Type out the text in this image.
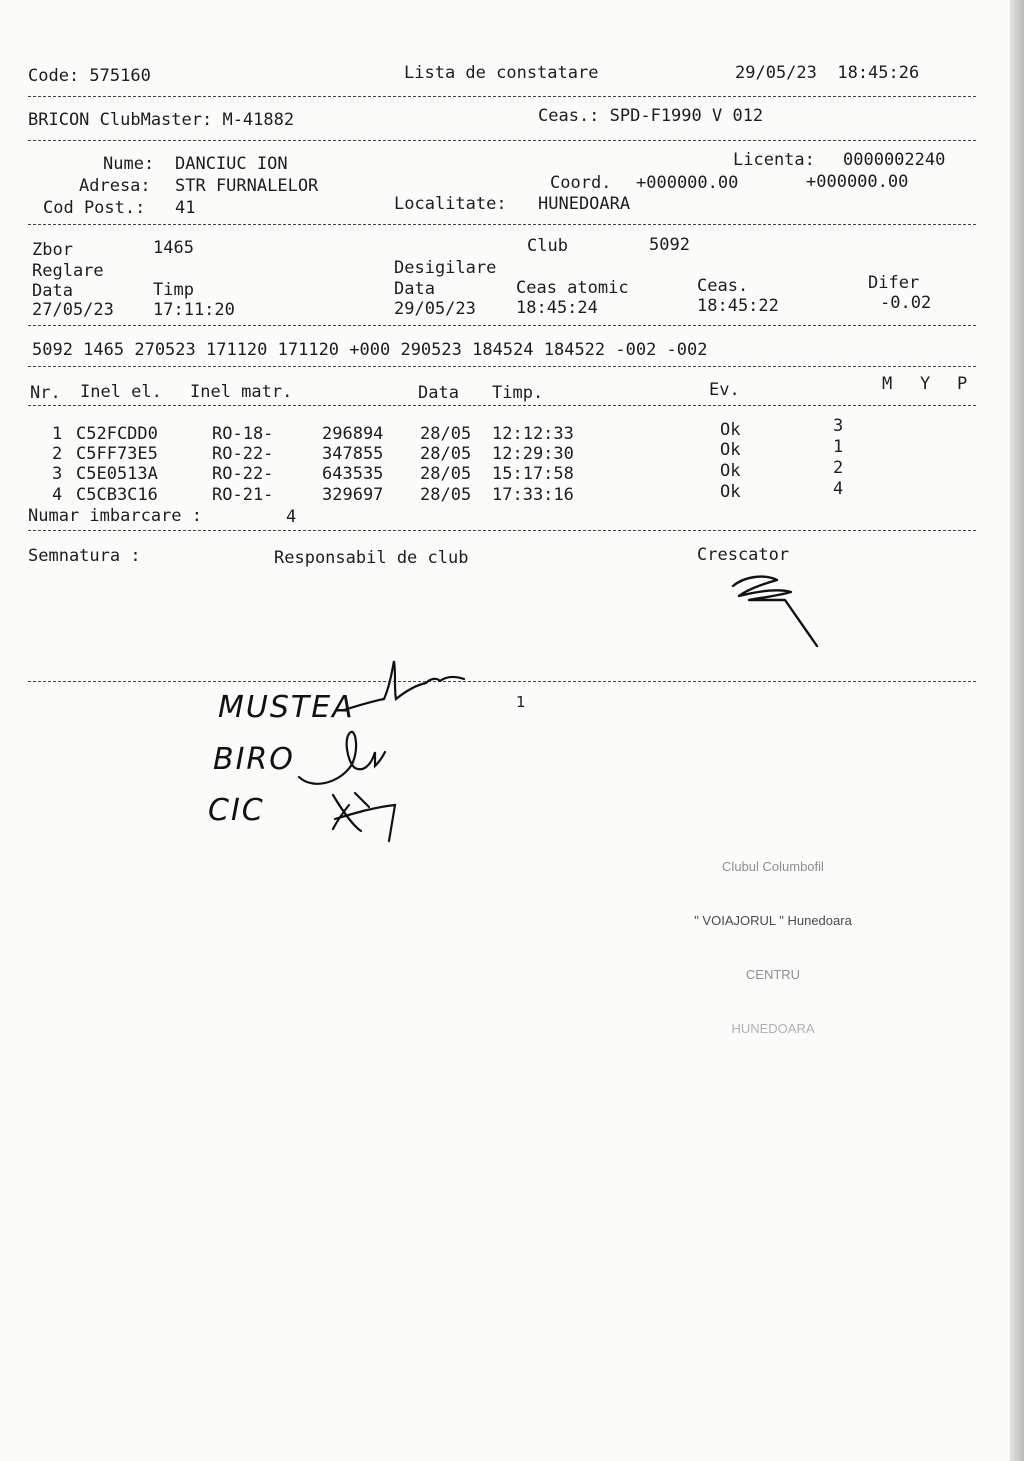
Code: 575160	Lista de constatare	29/05/23  18:45:26
BRICON ClubMaster: M-41882	Ceas.: SPD-F1990 V 012
Nume: DANCIUC ION
Adresa: STR FURNALELOR
Cod Post.: 41
Licenta: 0000002240
Coord. +000000.00	+000000.00
Localitate: HUNEDOARA
Zbor	1465	Club	5092
Reglare	Desigilare
Data	Timp	Data	Ceas atomic	Ceas.	Difer
27/05/23 17:11:20	29/05/23 18:45:24	18:45:22	-0.02
5092 1465 270523 171120 171120 +000 290523 184524 184522 -002 -002
Nr. Inel el. Inel matr.	Data Timp.	Ev.	M Y P
1 C52FCDD0	RO-18-	296894 28/05 12:12:33	Ok	3
2 C5FF73E5	RO-22-	347855 28/05 12:29:30	Ok	1
3 C5E0513A	RO-22-	643535 28/05 15:17:58	Ok	2
4 C5CB3C16	RO-21-	329697 28/05 17:33:16	Ok	4
Numar imbarcare :	4
Semnatura :	Responsabil de club	Crescator
MUSTEA
BIRO
CIC
1

Clubul Columbofil

" VOIAJORUL " Hunedoara

CENTRU

HUNEDOARA
